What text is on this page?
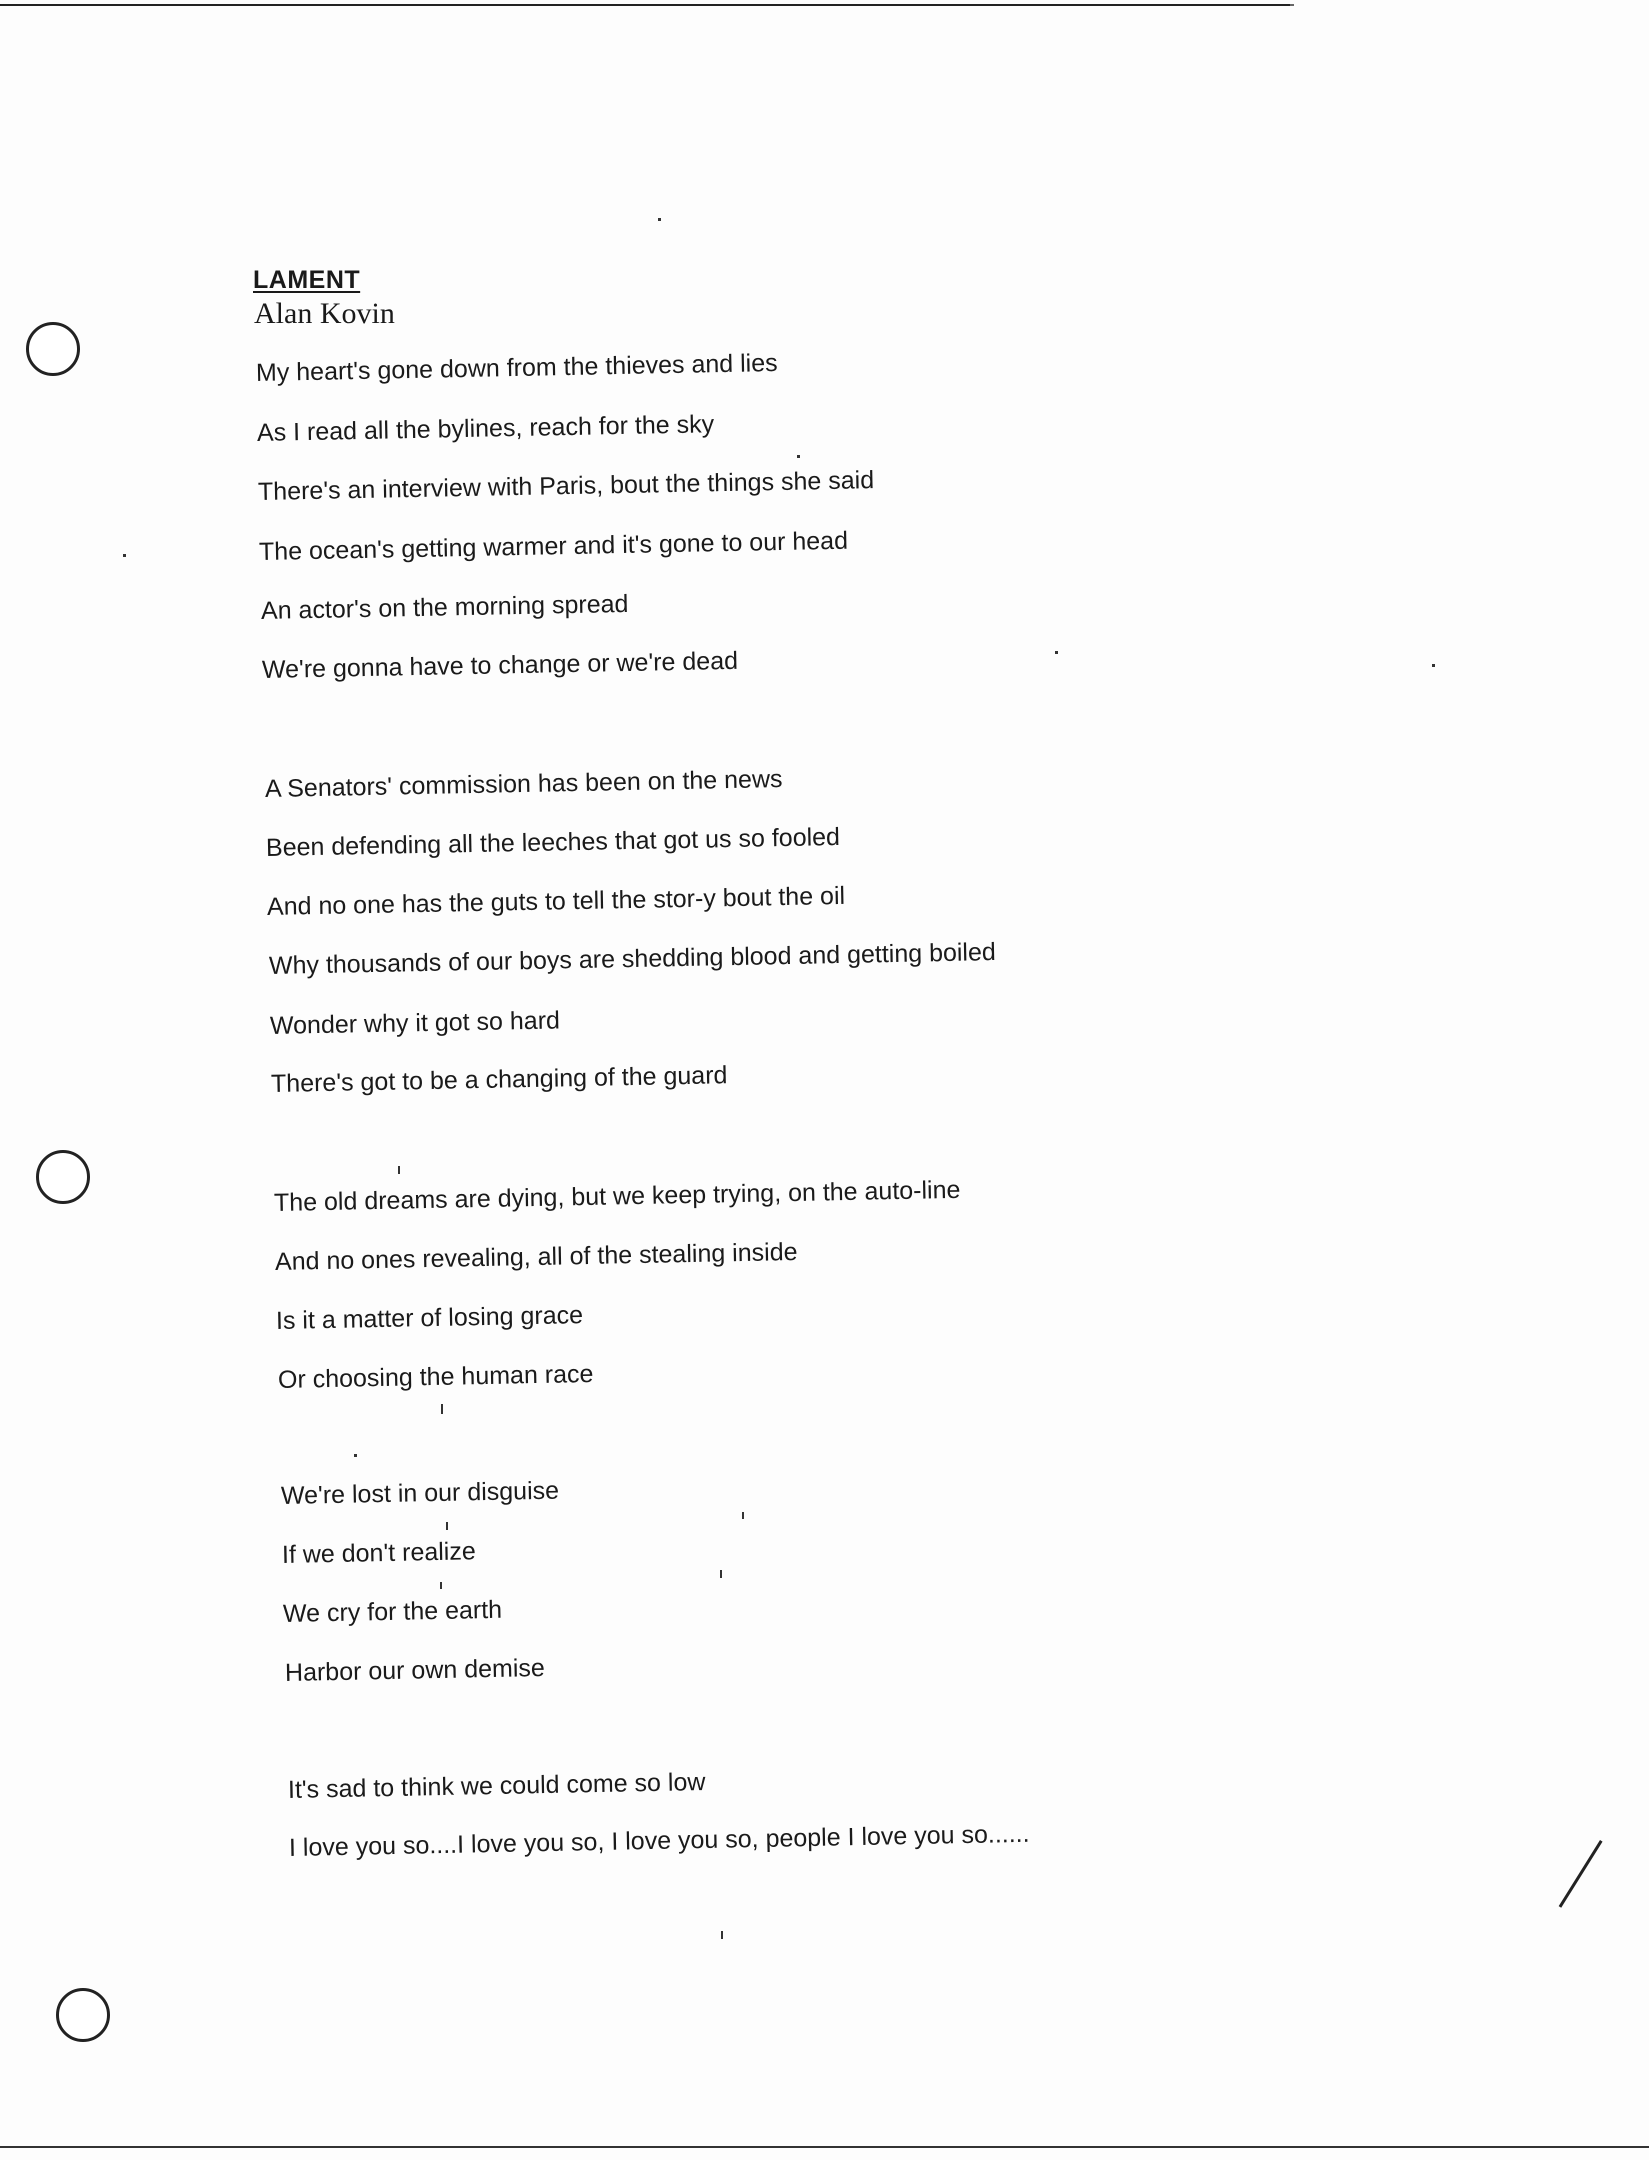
LAMENT
Alan Kovin
My heart's gone down from the thieves and lies
As I read all the bylines, reach for the sky
There's an interview with Paris, bout the things she said
The ocean's getting warmer and it's gone to our head
An actor's on the morning spread
We're gonna have to change or we're dead
A Senators' commission has been on the news
Been defending all the leeches that got us so fooled
And no one has the guts to tell the stor-y bout the oil
Why thousands of our boys are shedding blood and getting boiled
Wonder why it got so hard
There's got to be a changing of the guard
The old dreams are dying, but we keep trying, on the auto-line
And no ones revealing, all of the stealing inside
Is it a matter of losing grace
Or choosing the human race
We're lost in our disguise
If we don't realize
We cry for the earth
Harbor our own demise
It's sad to think we could come so low
I love you so....I love you so, I love you so, people I love you so......
